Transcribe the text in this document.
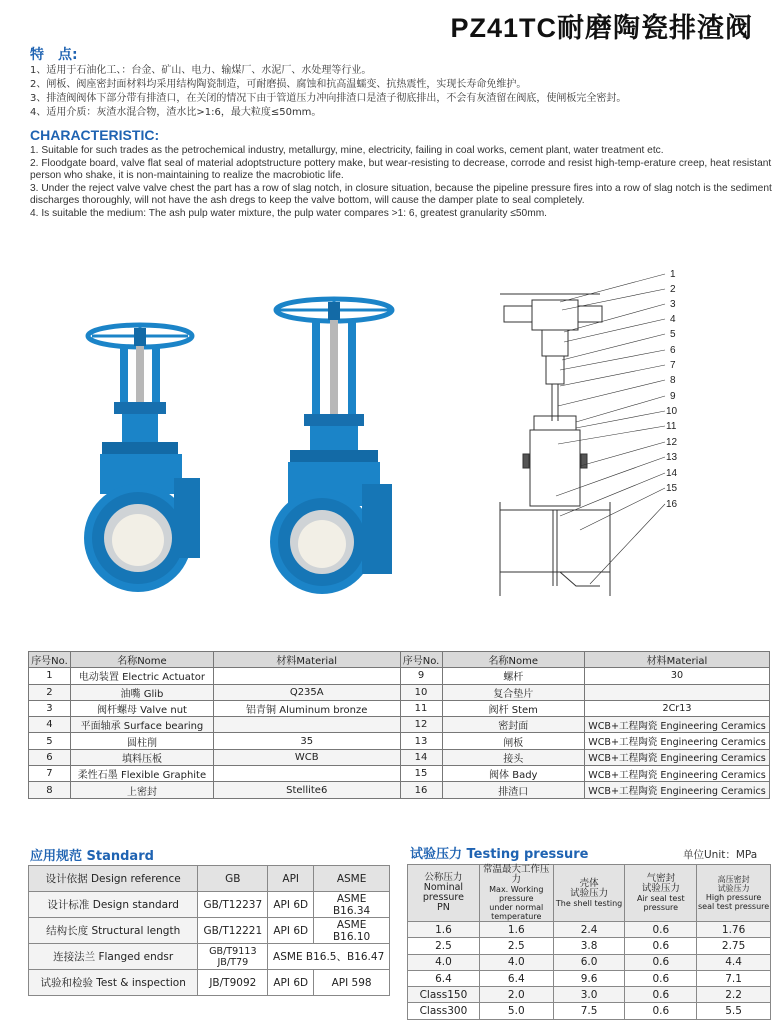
PZ41TC耐磨陶瓷排渣阀
特　点:
1、适用于石油化工、：台金、矿山、电力、输煤厂、水泥厂、水处理等行业。
2、闸板、阀座密封面材料均采用结构陶瓷制造，可耐磨损、腐蚀和抗高温蠕变、抗热震性，实现长寿命免维护。
3、排渣阀阀体下部分带有排渣口，在关闭的情况下由于管道压力冲向排渣口是渣子彻底排出，不会有灰渣留在阀底，使闸板完全密封。
4、适用介质：灰渣水混合物，渣水比>1:6，最大粒度≤50mm。
CHARACTERISTIC:
1. Suitable for such trades as the petrochemical industry, metallurgy, mine, electricity, failing in coal works, cement plant, water treatment etc.
2. Floodgate board, valve flat seal of material adoptstructure pottery make, but wear-resisting to decrease, corrode and resist high-temp-erature creep, heat resistant person who shake, it is non-maintaining to realize the macrobiotic life.
3. Under the reject valve valve chest the part has a row of slag notch, in closure situation, because the pipeline pressure fires into a row of slag notch is the sediment discharges thoroughly, will not have the ash dregs to keep the valve bottom, will cause the damper plate to seal completely.
4. Is suitable the medium: The ash pulp water mixture, the pulp water compares >1: 6, greatest granularity ≤50mm.
1
2
3
4
5
6
7
8
9
10
11
12
13
14
15
16
序号No.	名称Nome	材料Material	序号No.	名称Nome	材料Material
1	电动装置 Electric Actuator		9	螺杆	30
2	油嘴 Glib	Q235A	10	复合垫片	
3	阀杆螺母 Valve nut	铝青铜 Aluminum bronze	11	阀杆 Stem	2Cr13
4	平面轴承 Surface bearing		12	密封面	WCB+工程陶瓷 Engineering Ceramics
5	圆柱削	35	13	闸板	WCB+工程陶瓷 Engineering Ceramics
6	填料压板	WCB	14	接头	WCB+工程陶瓷 Engineering Ceramics
7	柔性石墨 Flexible Graphite		15	阀体 Bady	WCB+工程陶瓷 Engineering Ceramics
8	上密封	Stellite6	16	排渣口	WCB+工程陶瓷 Engineering Ceramics
应用规范 Standard	试验压力 Testing pressure	单位Unit：MPa
设计依据 Design reference	GB	API	ASME
设计标准 Design standard	GB/T12237	API 6D	ASME B16.34
结构长度 Structural length	GB/T12221	API 6D	ASME B16.10
连接法兰 Flanged endsr	GB/T9113 JB/T79	ASME B16.5、B16.47	
试验和检验 Test & inspection	JB/T9092	API 6D	API 598
公称压力
Nominal pressure
PN	常温最大工作压力
Max. Working pressure
under normal temperature	壳体
试验压力
The shell testing	气密封
试验压力
Air seal test pressure	高压密封
试验压力
High pressure seal test pressure

1.6	1.6	2.4	0.6	1.76
2.5	2.5	3.8	0.6	2.75
4.0	4.0	6.0	0.6	4.4
6.4	6.4	9.6	0.6	7.1
Class150	2.0	3.0	0.6	2.2
Class300	5.0	7.5	0.6	5.5
